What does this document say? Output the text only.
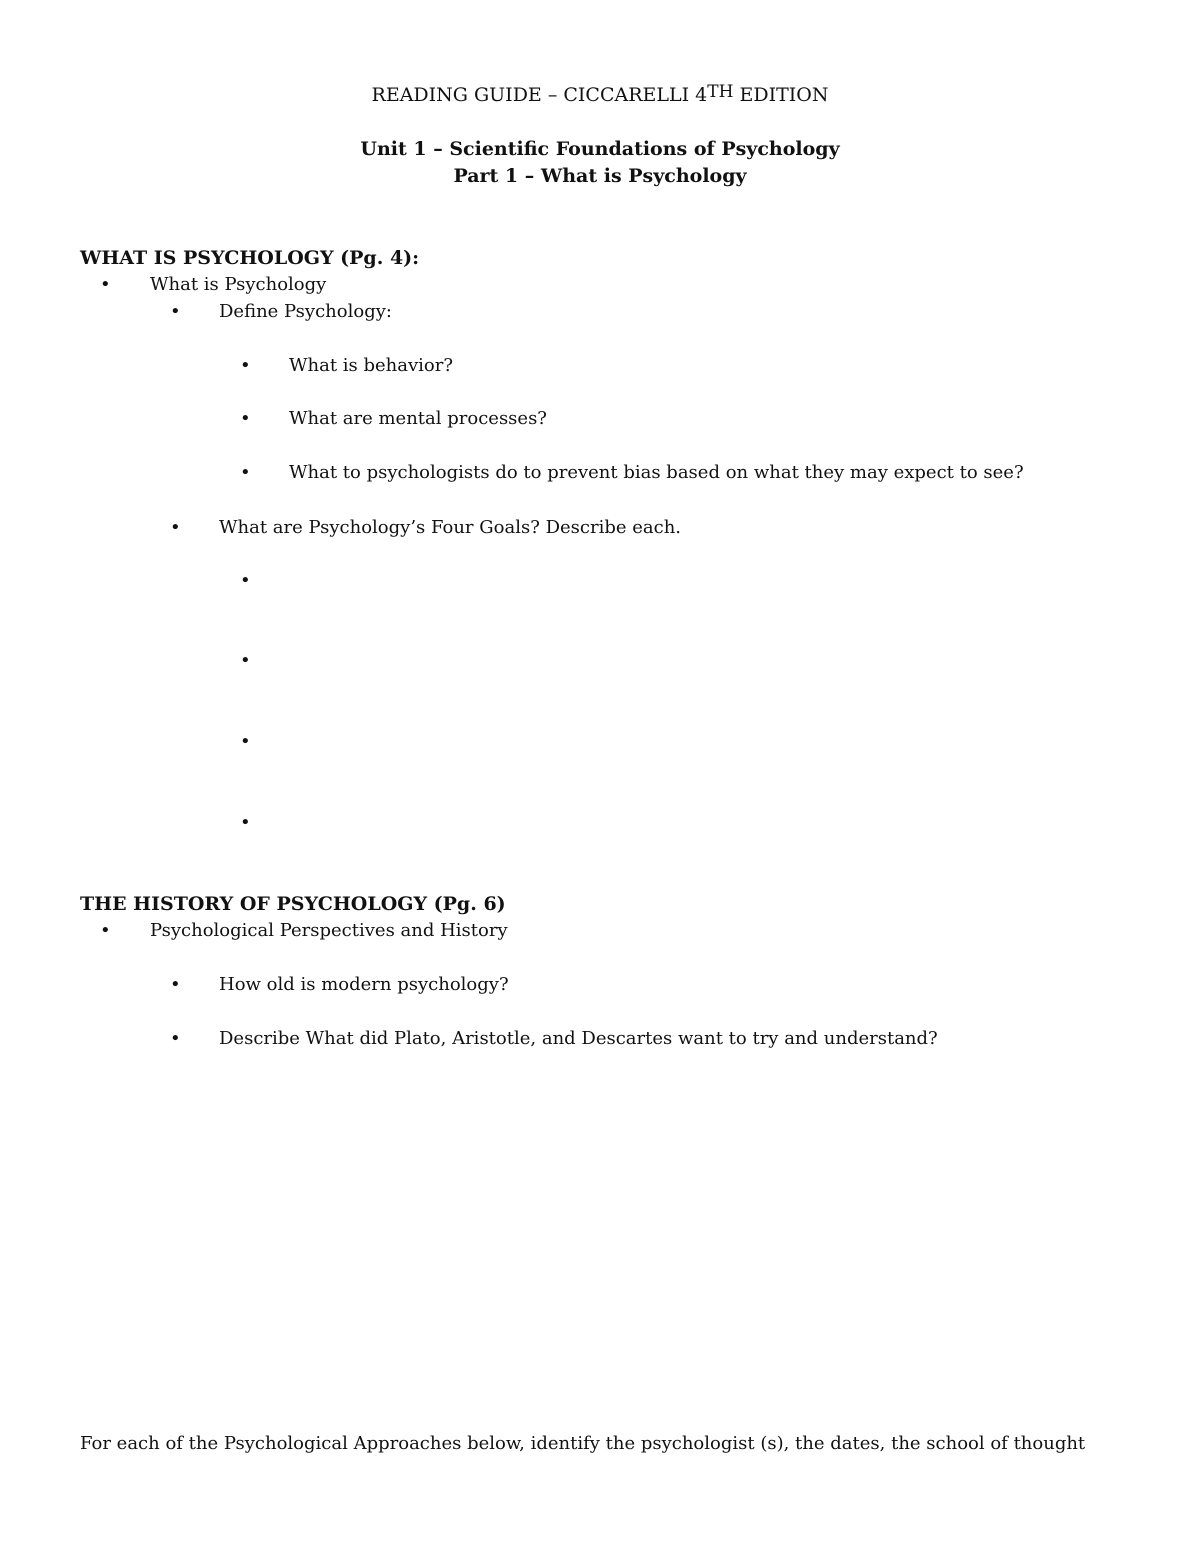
READING GUIDE – CICCARELLI 4TH EDITION
Unit 1 – Scientific Foundations of Psychology
Part 1 – What is Psychology
WHAT IS PSYCHOLOGY (Pg. 4):
• What is Psychology
• Define Psychology:
• What is behavior?
• What are mental processes?
• What to psychologists do to prevent bias based on what they may expect to see?
• What are Psychology’s Four Goals? Describe each.
•
•
•
•
THE HISTORY OF PSYCHOLOGY (Pg. 6)
• Psychological Perspectives and History
• How old is modern psychology?
• Describe What did Plato, Aristotle, and Descartes want to try and understand?
For each of the Psychological Approaches below, identify the psychologist (s), the dates, the school of thought
